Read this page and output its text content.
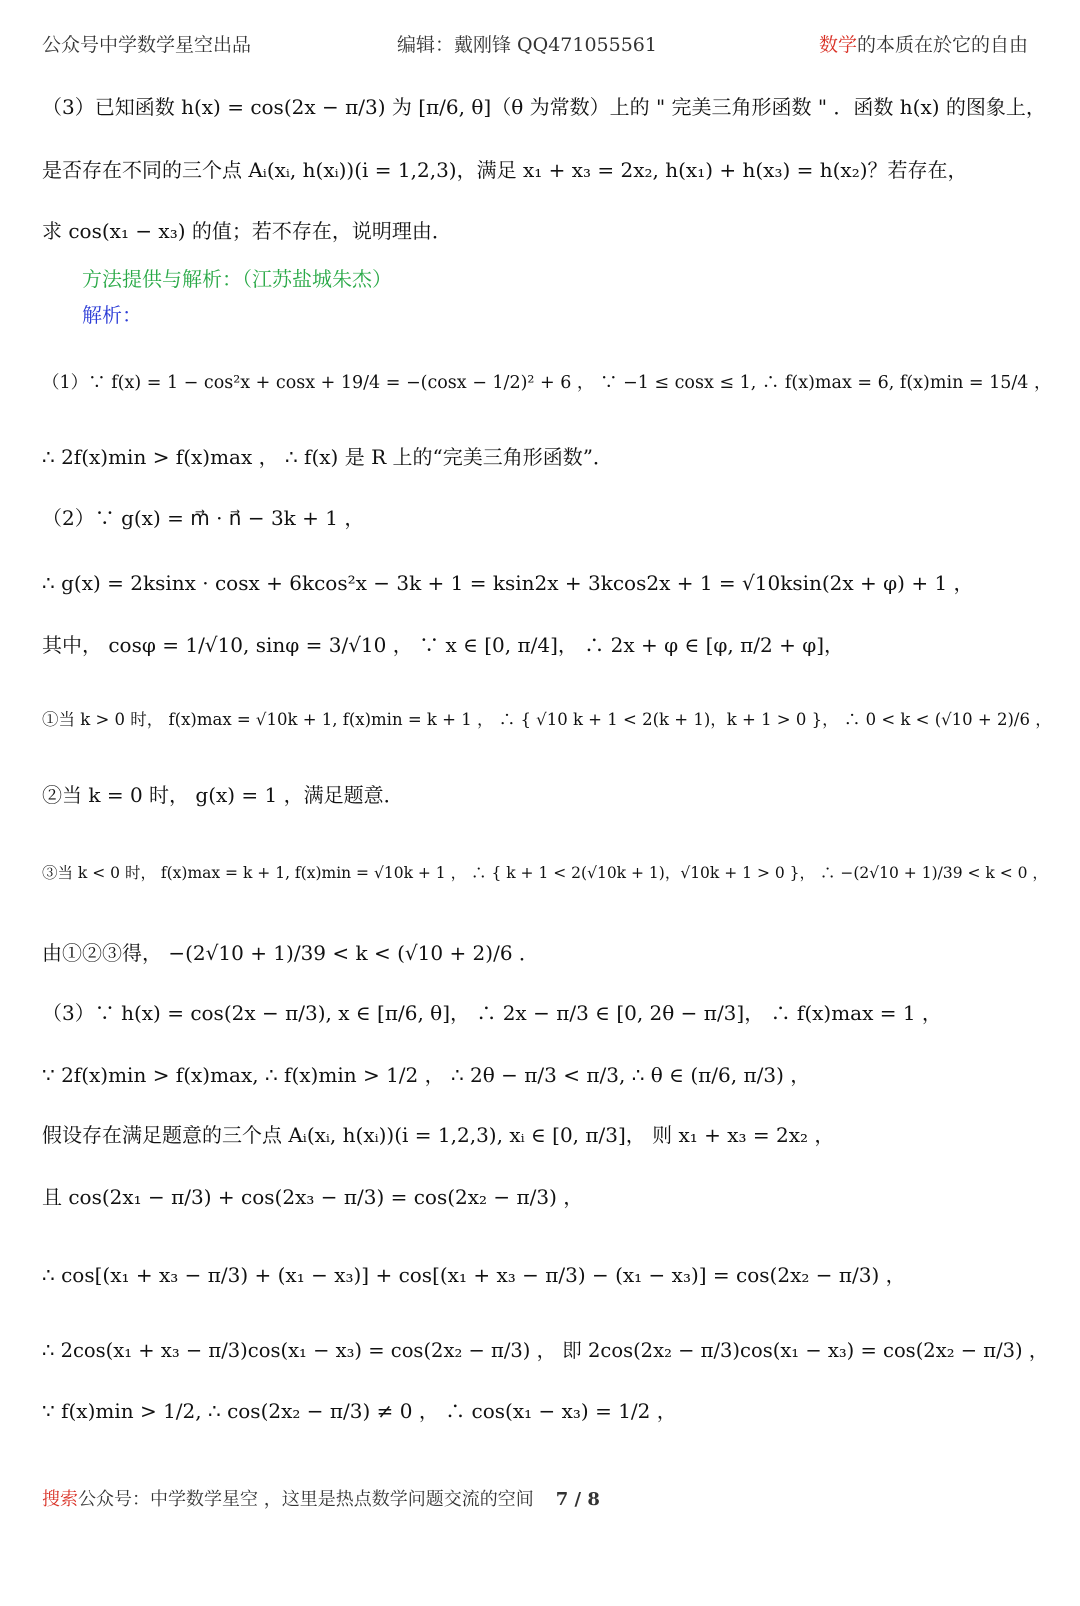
公众号中学数学星空出品	编辑：戴刚锋 QQ471055561	数学的本质在於它的自由
（3）已知函数 h(x) = cos(2x − π/3) 为 [π/6, θ]（θ 为常数）上的 " 完美三角形函数 " ．函数 h(x) 的图象上，
是否存在不同的三个点 Aᵢ(xᵢ, h(xᵢ))(i = 1,2,3)，满足 x₁ + x₃ = 2x₂, h(x₁) + h(x₃) = h(x₂)？若存在，
求 cos(x₁ − x₃) 的值；若不存在，说明理由．
方法提供与解析：（江苏盐城朱杰）
解析：
（1）∵ f(x) = 1 − cos²x + cosx + 19/4 = −(cosx − 1/2)² + 6 ， ∵ −1 ≤ cosx ≤ 1, ∴ f(x)max = 6, f(x)min = 15/4 ，
∴ 2f(x)min > f(x)max ， ∴ f(x) 是 R 上的“完美三角形函数”．
（2）∵ g(x) = m⃗ · n⃗ − 3k + 1 ，
∴ g(x) = 2ksinx · cosx + 6kcos²x − 3k + 1 = ksin2x + 3kcos2x + 1 = √10ksin(2x + φ) + 1 ，
其中， cosφ = 1/√10, sinφ = 3/√10 ， ∵ x ∈ [0, π/4]， ∴ 2x + φ ∈ [φ, π/2 + φ]，
①当 k > 0 时， f(x)max = √10k + 1, f(x)min = k + 1 ， ∴ { √10 k + 1 < 2(k + 1)，k + 1 > 0 }， ∴ 0 < k < (√10 + 2)/6 ，
②当 k = 0 时， g(x) = 1 ，满足题意．
③当 k < 0 时， f(x)max = k + 1, f(x)min = √10k + 1 ， ∴ { k + 1 < 2(√10k + 1)，√10k + 1 > 0 }， ∴ −(2√10 + 1)/39 < k < 0 ，
由①②③得， −(2√10 + 1)/39 < k < (√10 + 2)/6 ．
（3）∵ h(x) = cos(2x − π/3), x ∈ [π/6, θ]， ∴ 2x − π/3 ∈ [0, 2θ − π/3]， ∴ f(x)max = 1 ，
∵ 2f(x)min > f(x)max, ∴ f(x)min > 1/2 ， ∴ 2θ − π/3 < π/3, ∴ θ ∈ (π/6, π/3) ，
假设存在满足题意的三个点 Aᵢ(xᵢ, h(xᵢ))(i = 1,2,3), xᵢ ∈ [0, π/3]， 则 x₁ + x₃ = 2x₂ ，
且 cos(2x₁ − π/3) + cos(2x₃ − π/3) = cos(2x₂ − π/3) ，
∴ cos[(x₁ + x₃ − π/3) + (x₁ − x₃)] + cos[(x₁ + x₃ − π/3) − (x₁ − x₃)] = cos(2x₂ − π/3) ，
∴ 2cos(x₁ + x₃ − π/3)cos(x₁ − x₃) = cos(2x₂ − π/3) ， 即 2cos(2x₂ − π/3)cos(x₁ − x₃) = cos(2x₂ − π/3) ，
∵ f(x)min > 1/2, ∴ cos(2x₂ − π/3) ≠ 0 ， ∴ cos(x₁ − x₃) = 1/2 ，
搜索公众号：中学数学星空 ，这里是热点数学问题交流的空间 7 / 8
